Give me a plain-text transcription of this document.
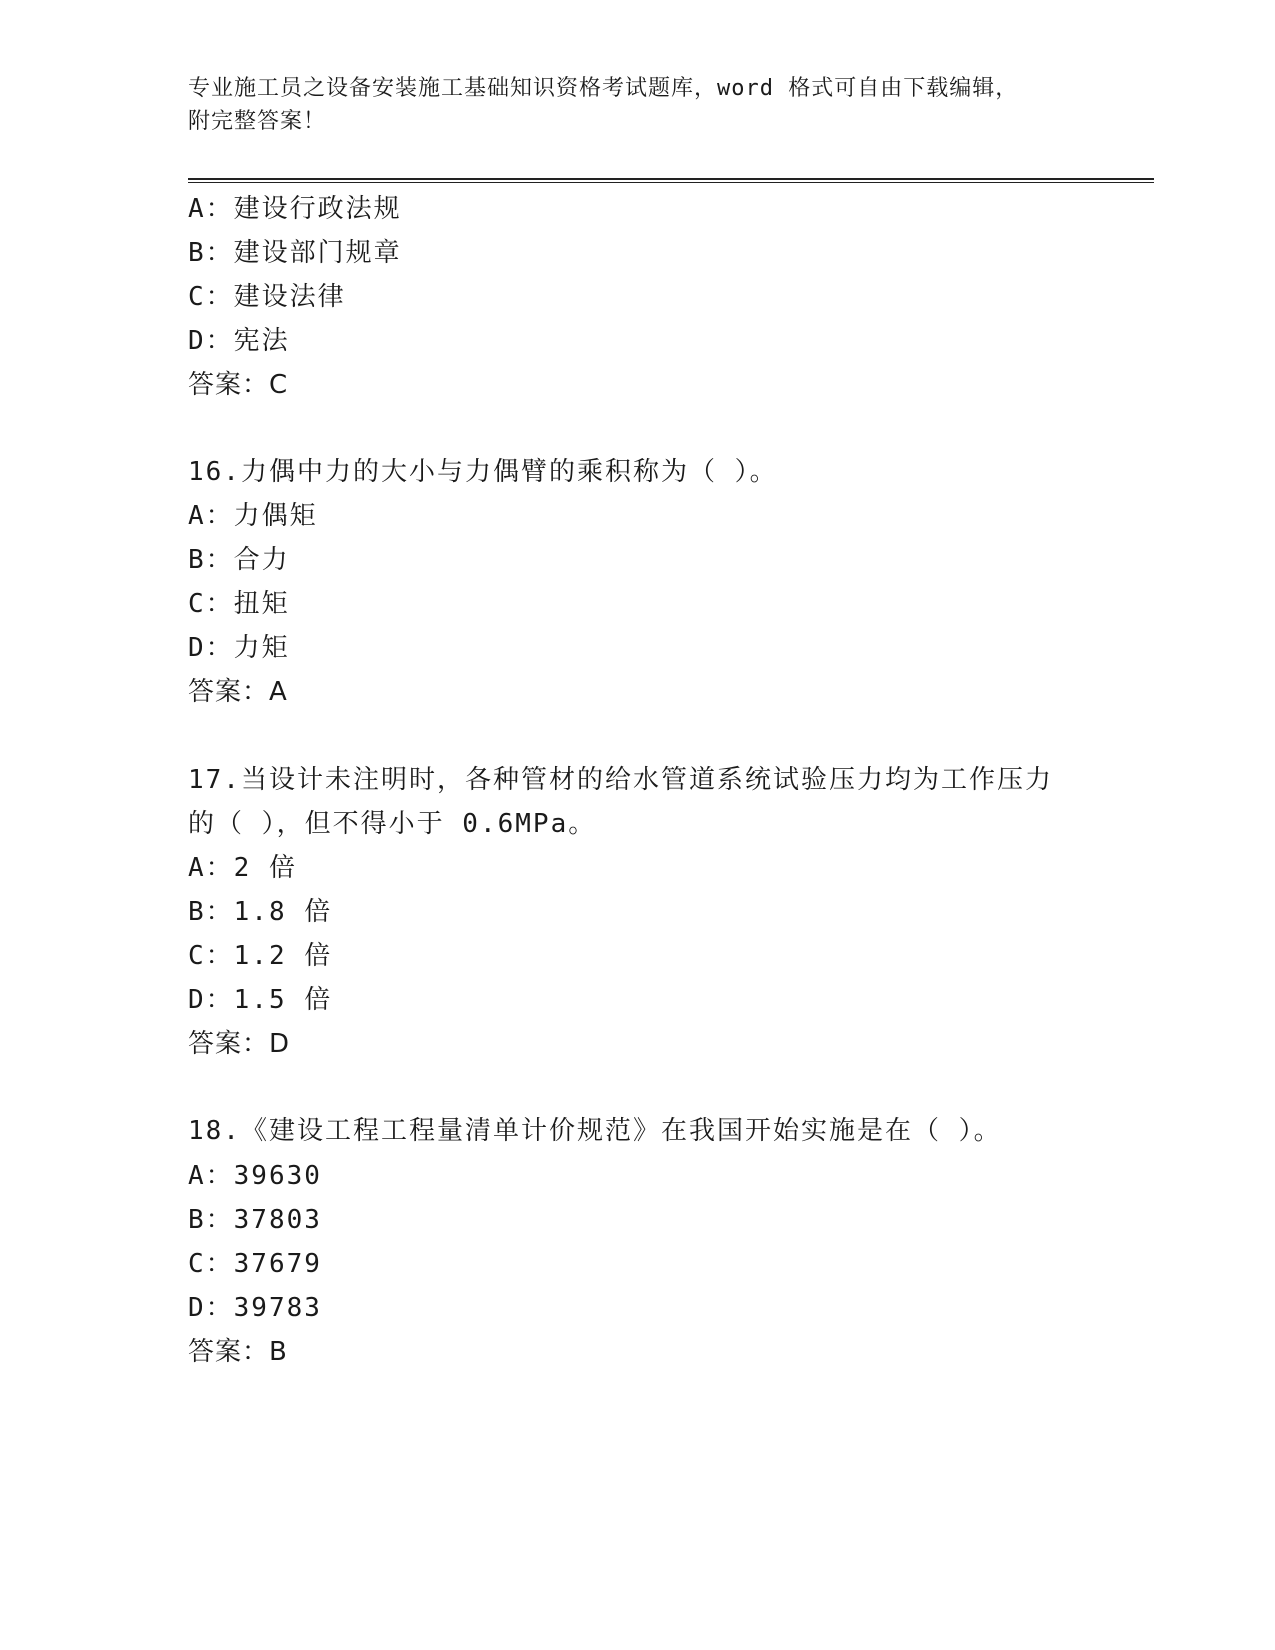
专业施工员之设备安装施工基础知识资格考试题库，word 格式可自由下载编辑，
附完整答案！
A：建设行政法规
B：建设部门规章
C：建设法律
D：宪法
答案：C
16.力偶中力的大小与力偶臂的乘积称为（ ）。
A：力偶矩
B：合力
C：扭矩
D：力矩
答案：A
17.当设计未注明时，各种管材的给水管道系统试验压力均为工作压力
的（ ），但不得小于 0.6MPa。
A：2 倍
B：1.8 倍
C：1.2 倍
D：1.5 倍
答案：D
18.《建设工程工程量清单计价规范》在我国开始实施是在（ ）。
A：39630
B：37803
C：37679
D：39783
答案：B
